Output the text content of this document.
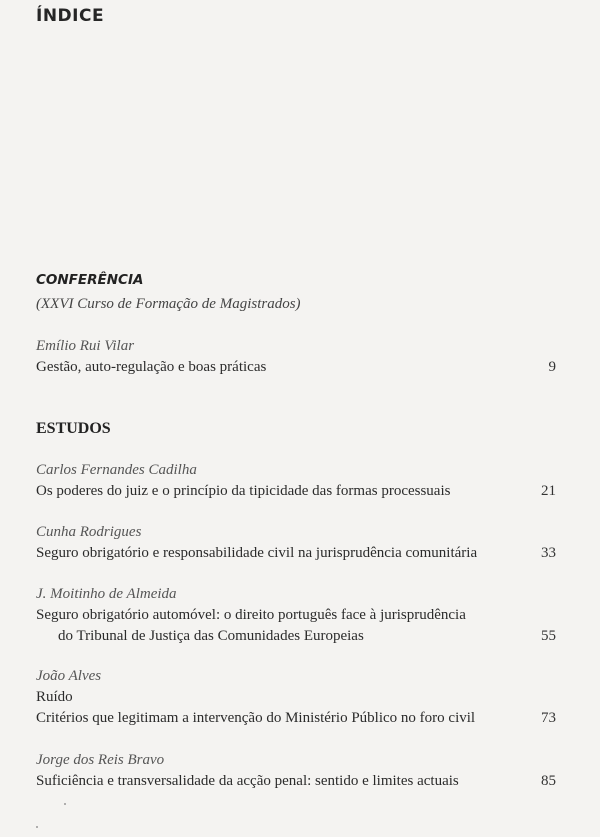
ÍNDICE
CONFERÊNCIA
(XXVI Curso de Formação de Magistrados)
Emílio Rui Vilar
Gestão, auto-regulação e boas práticas	9
ESTUDOS
Carlos Fernandes Cadilha
Os poderes do juiz e o princípio da tipicidade das formas processuais	21
Cunha Rodrigues
Seguro obrigatório e responsabilidade civil na jurisprudência comunitária	33
J. Moitinho de Almeida
Seguro obrigatório automóvel: o direito português face à jurisprudência
do Tribunal de Justiça das Comunidades Europeias	55
João Alves
Ruído
Critérios que legitimam a intervenção do Ministério Público no foro civil	73
Jorge dos Reis Bravo
Suficiência e transversalidade da acção penal: sentido e limites actuais	85
